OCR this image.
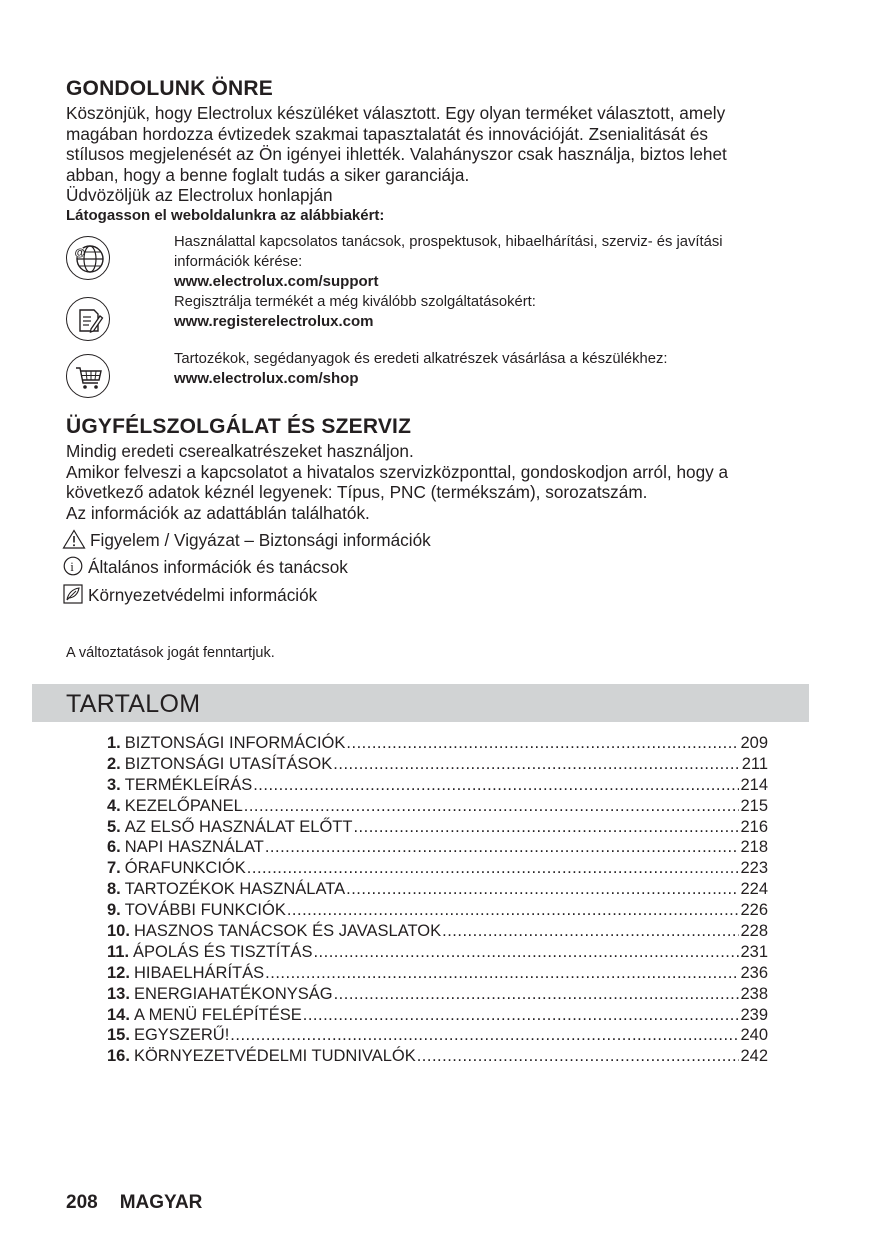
GONDOLUNK ÖNRE
Köszönjük, hogy Electrolux készüléket választott. Egy olyan terméket választott, amely
magában hordozza évtizedek szakmai tapasztalatát és innovációját. Zsenialitását és
stílusos megjelenését az Ön igényei ihlették. Valahányszor csak használja, biztos lehet
abban, hogy a benne foglalt tudás a siker garanciája.
Üdvözöljük az Electrolux honlapján
Látogasson el weboldalunkra az alábbiakért:
@
Használattal kapcsolatos tanácsok, prospektusok, hibaelhárítási, szerviz- és javítási
információk kérése:
www.electrolux.com/support
Regisztrálja termékét a még kiválóbb szolgáltatásokért:
www.registerelectrolux.com
Tartozékok, segédanyagok és eredeti alkatrészek vásárlása a készülékhez:
www.electrolux.com/shop
ÜGYFÉLSZOLGÁLAT ÉS SZERVIZ
Mindig eredeti cserealkatrészeket használjon.
Amikor felveszi a kapcsolatot a hivatalos szervizközponttal, gondoskodjon arról, hogy a
következő adatok kéznél legyenek: Típus, PNC (termékszám), sorozatszám.
Az információk az adattáblán találhatók.
Figyelem / Vigyázat – Biztonsági információk
i Általános információk és tanácsok
Környezetvédelmi információk
A változtatások jogát fenntartjuk.
TARTALOM
1. BIZTONSÁGI INFORMÁCIÓK .....	209
2. BIZTONSÁGI UTASÍTÁSOK .....	211
3. TERMÉKLEÍRÁS .....	214
4. KEZELŐPANEL .....	215
5. AZ ELSŐ HASZNÁLAT ELŐTT .....	216
6. NAPI HASZNÁLAT .....	218
7. ÓRAFUNKCIÓK .....	223
8. TARTOZÉKOK HASZNÁLATA .....	224
9. TOVÁBBI FUNKCIÓK .....	226
10. HASZNOS TANÁCSOK ÉS JAVASLATOK .....	228
11. ÁPOLÁS ÉS TISZTÍTÁS .....	231
12. HIBAELHÁRÍTÁS .....	236
13. ENERGIAHATÉKONYSÁG .....	238
14. A MENÜ FELÉPÍTÉSE .....	239
15. EGYSZERŰ! .....	240
16. KÖRNYEZETVÉDELMI TUDNIVALÓK .....	242
208 MAGYAR
